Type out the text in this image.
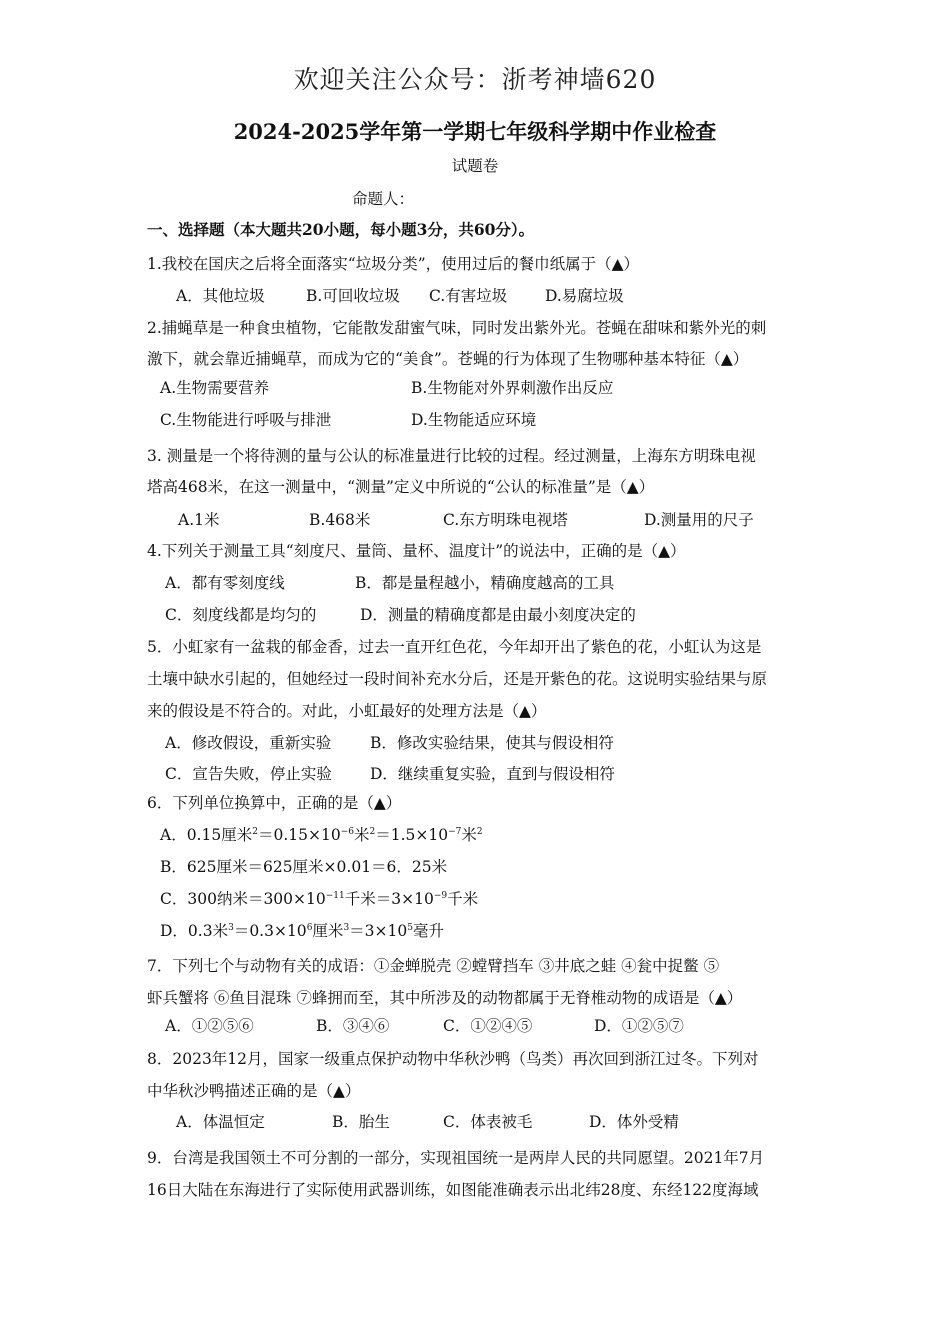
欢迎关注公众号：浙考神墙620
2024-2025学年第一学期七年级科学期中作业检查
试题卷
命题人：
一、选择题（本大题共20小题，每小题3分，共60分）。
1.我校在国庆之后将全面落实“垃圾分类”，使用过后的餐巾纸属于（▲）
A．其他垃圾	B.可回收垃圾 C.有害垃圾 D.易腐垃圾
2.捕蝇草是一种食虫植物，它能散发甜蜜气味，同时发出紫外光。苍蝇在甜味和紫外光的刺
激下，就会靠近捕蝇草，而成为它的“美食”。苍蝇的行为体现了生物哪种基本特征（▲）
A.生物需要营养	B.生物能对外界刺激作出反应
C.生物能进行呼吸与排泄	D.生物能适应环境
3. 测量是一个将待测的量与公认的标准量进行比较的过程。经过测量，上海东方明珠电视
塔高468米，在这一测量中，“测量”定义中所说的“公认的标准量”是（▲）
A.1米	B.468米	C.东方明珠电视塔	D.测量用的尺子
4.下列关于测量工具“刻度尺、量筒、量杯、温度计”的说法中，正确的是（▲）
A．都有零刻度线	B．都是量程越小，精确度越高的工具
C．刻度线都是均匀的	D．测量的精确度都是由最小刻度决定的
5．小虹家有一盆栽的郁金香，过去一直开红色花，今年却开出了紫色的花，小虹认为这是
土壤中缺水引起的，但她经过一段时间补充水分后，还是开紫色的花。这说明实验结果与原
来的假设是不符合的。对此，小虹最好的处理方法是（▲）
A．修改假设，重新实验	B．修改实验结果，使其与假设相符
C．宣告失败，停止实验 D．继续重复实验，直到与假设相符
6．下列单位换算中，正确的是（▲）
A．0.15厘米$^2=0.15\times 10^{-6}$米$^2=1.5\times 10^{-7}$米$^2$
B．625厘米＝625厘米×0.01＝6．25米
C．300纳米$=300\times 10^{-11}$千米$=3\times 10^{-9}$千米
D．0.3米$^3=0.3\times 10^6$厘米$^3=3\times 10^5$毫升
7．下列七个与动物有关的成语：①金蝉脱壳 ②螳臂挡车 ③井底之蛙 ④瓮中捉鳖 ⑤
虾兵蟹将 ⑥鱼目混珠 ⑦蜂拥而至，其中所涉及的动物都属于无脊椎动物的成语是（▲）
A．①②⑤⑥	B．③④⑥	C．①②④⑤	D．①②⑤⑦
8．2023年12月，国家一级重点保护动物中华秋沙鸭（鸟类）再次回到浙江过冬。下列对
中华秋沙鸭描述正确的是（▲）
A．体温恒定	B．胎生	C．体表被毛	D．体外受精
9．台湾是我国领土不可分割的一部分，实现祖国统一是两岸人民的共同愿望。2021年7月
16日大陆在东海进行了实际使用武器训练，如图能准确表示出北纬28度、东经122度海域
